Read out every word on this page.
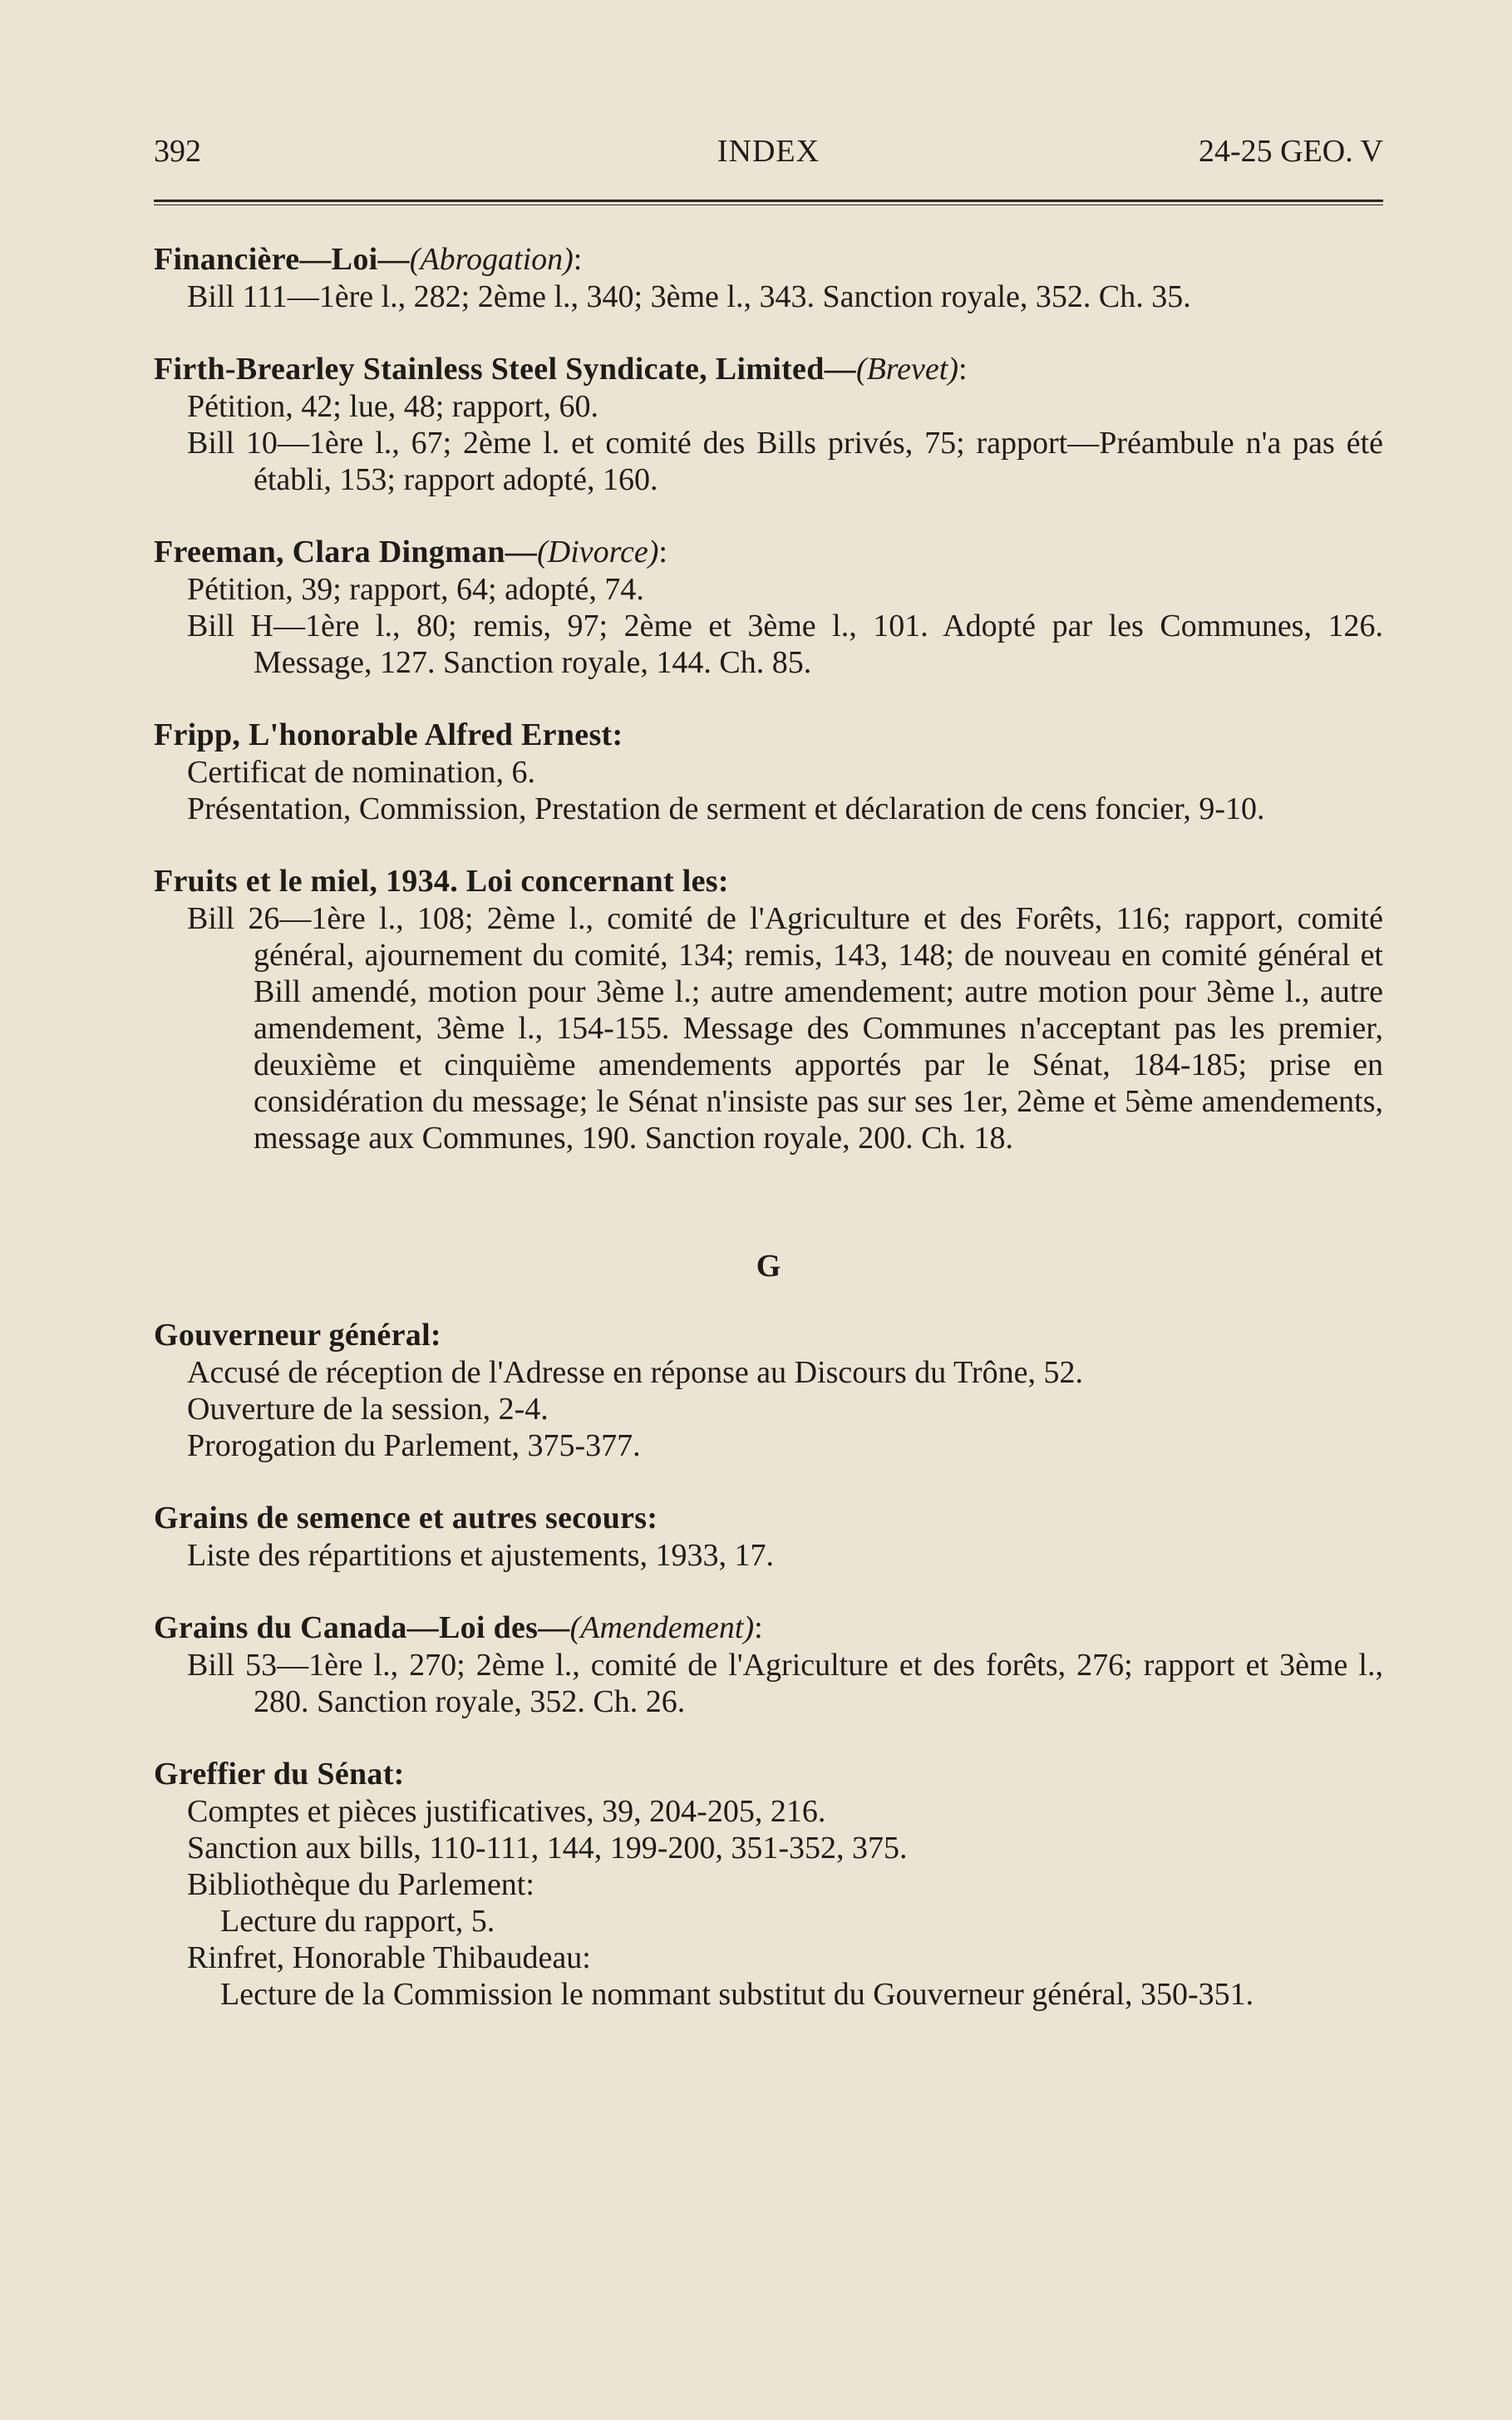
392	INDEX	24-25 GEO. V
Financière—Loi—(Abrogation):
Bill 111—1ère l., 282; 2ème l., 340; 3ème l., 343. Sanction royale, 352. Ch. 35.
Firth-Brearley Stainless Steel Syndicate, Limited—(Brevet):
Pétition, 42; lue, 48; rapport, 60.
Bill 10—1ère l., 67; 2ème l. et comité des Bills privés, 75; rapport—Préambule n'a pas été établi, 153; rapport adopté, 160.
Freeman, Clara Dingman—(Divorce):
Pétition, 39; rapport, 64; adopté, 74.
Bill H—1ère l., 80; remis, 97; 2ème et 3ème l., 101. Adopté par les Communes, 126. Message, 127. Sanction royale, 144. Ch. 85.
Fripp, L'honorable Alfred Ernest:
Certificat de nomination, 6.
Présentation, Commission, Prestation de serment et déclaration de cens foncier, 9-10.
Fruits et le miel, 1934. Loi concernant les:
Bill 26—1ère l., 108; 2ème l., comité de l'Agriculture et des Forêts, 116; rapport, comité général, ajournement du comité, 134; remis, 143, 148; de nouveau en comité général et Bill amendé, motion pour 3ème l.; autre amendement; autre motion pour 3ème l., autre amendement, 3ème l., 154-155. Message des Communes n'acceptant pas les premier, deuxième et cinquième amendements apportés par le Sénat, 184-185; prise en considération du message; le Sénat n'insiste pas sur ses 1er, 2ème et 5ème amendements, message aux Communes, 190. Sanction royale, 200. Ch. 18.
G
Gouverneur général:
Accusé de réception de l'Adresse en réponse au Discours du Trône, 52.
Ouverture de la session, 2-4.
Prorogation du Parlement, 375-377.
Grains de semence et autres secours:
Liste des répartitions et ajustements, 1933, 17.
Grains du Canada—Loi des—(Amendement):
Bill 53—1ère l., 270; 2ème l., comité de l'Agriculture et des forêts, 276; rapport et 3ème l., 280. Sanction royale, 352. Ch. 26.
Greffier du Sénat:
Comptes et pièces justificatives, 39, 204-205, 216.
Sanction aux bills, 110-111, 144, 199-200, 351-352, 375.
Bibliothèque du Parlement:
Lecture du rapport, 5.
Rinfret, Honorable Thibaudeau:
Lecture de la Commission le nommant substitut du Gouverneur général, 350-351.
